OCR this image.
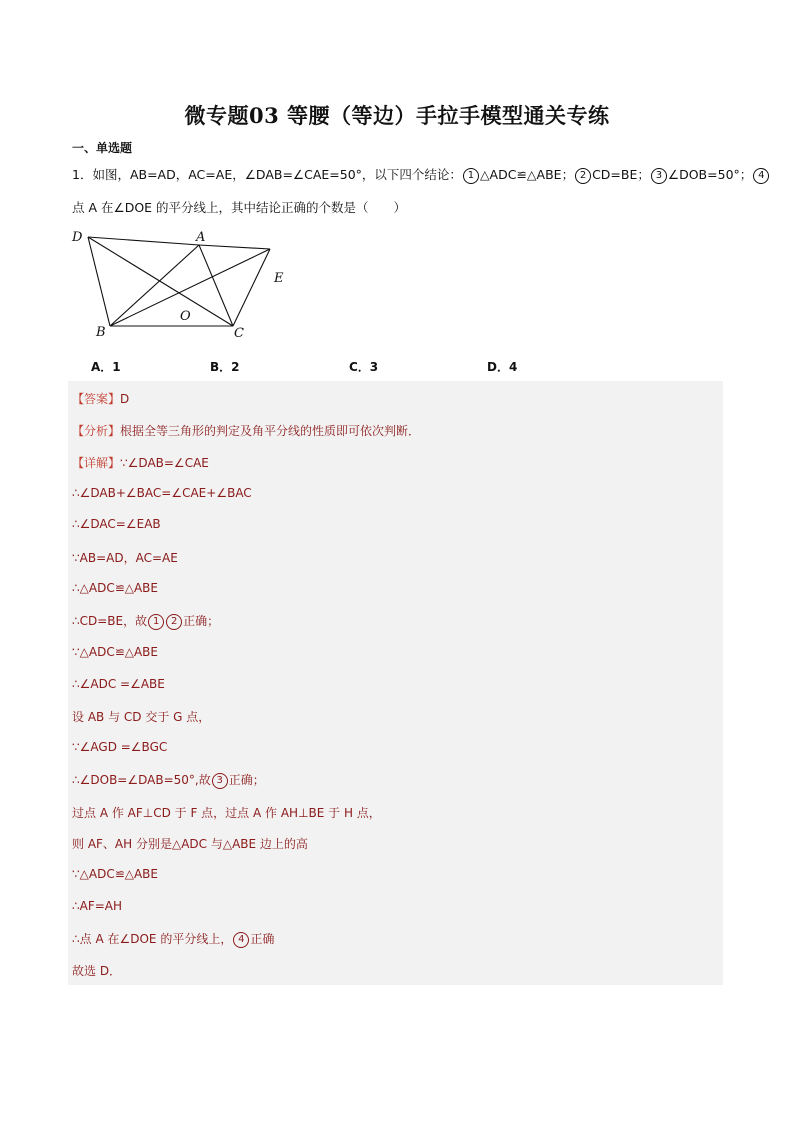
微专题03 等腰（等边）手拉手模型通关专练
一、单选题
1．如图，AB=AD，AC=AE，∠DAB=∠CAE=50°，以下四个结论： 1 △ADC≌△ABE； 2 CD=BE； 3 ∠DOB=50°； 4
点 A 在∠DOE 的平分线上，其中结论正确的个数是（　　）
D	A
E
B
O
C
A．1	B．2	C．3	D．4
【答案】D
【分析】根据全等三角形的判定及角平分线的性质即可依次判断．
【详解】∵∠DAB=∠CAE
∴∠DAB+∠BAC=∠CAE+∠BAC
∴∠DAC=∠EAB
∵AB=AD，AC=AE
∴△ADC≌△ABE
∴CD=BE，故 1 2 正确；
∵△ADC≌△ABE
∴∠ADC =∠ABE
设 AB 与 CD 交于 G 点，
∵∠AGD =∠BGC
∴∠DOB=∠DAB=50°,故 3 正确；
过点 A 作 AF⊥CD 于 F 点，过点 A 作 AH⊥BE 于 H 点，
则 AF、AH 分别是△ADC 与△ABE 边上的高
∵△ADC≌△ABE
∴AF=AH
∴点 A 在∠DOE 的平分线上， 4 正确
故选 D．
